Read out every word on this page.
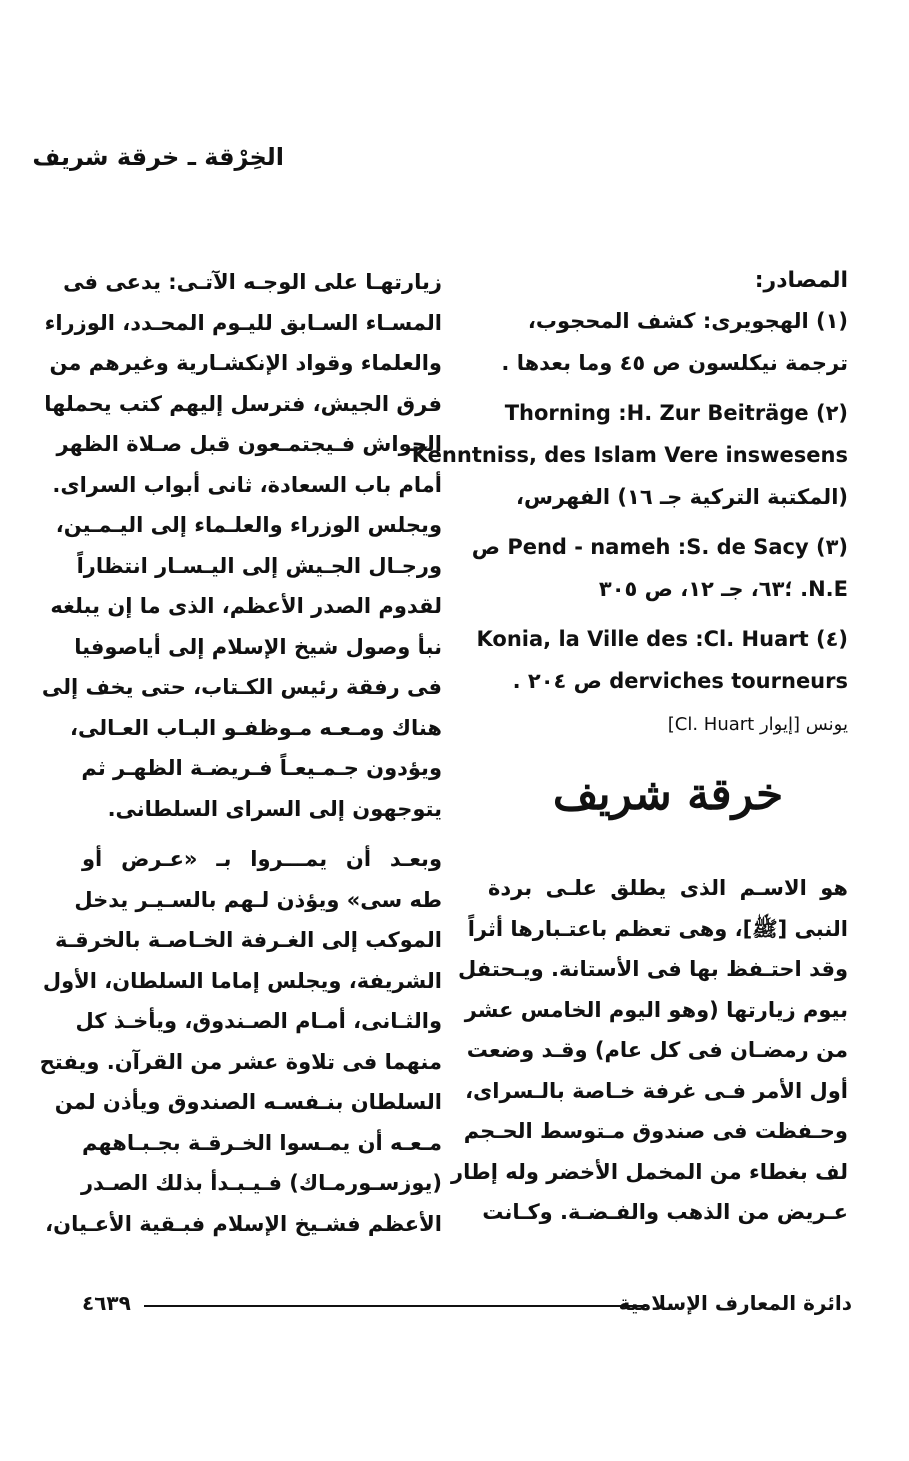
الخِرْقة ـ خرقة شريف
المصادر:
(١) الهجويرى: كشف المحجوب،
ترجمة نيكلسون ص ٤٥ وما بعدها .
(٢) Thorning :H. Zur Beiträge
Kenntniss, des Islam Vere inswesens
(المكتبة التركية جـ ١٦) الفهرس،
(٣) Pend - nameh :S. de Sacy ص
N.E. ؛٦٣، جـ ١٢، ص ٣٠٥
(٤) Konia, la Ville des :Cl. Huart
derviches tourneurs ص ٢٠٤ .
يونس [إيوار Cl. Huart]
خرقة شريف
هو الاسـم الذى يطلق علـى بردة
النبى [ﷺ]، وهى تعظم باعتـبارها أثراً
وقد احتـفظ بها فى الأستانة. ويـحتفل
بيوم زيارتها (وهو اليوم الخامس عشر
من رمضـان فى كل عام) وقـد وضعت
أول الأمر فـى غرفة خـاصة بالـسراى،
وحـفظت فى صندوق مـتوسط الحـجم
لف بغطاء من المخمل الأخضر وله إطار
عـريض من الذهب والفـضـة. وكـانت
زيارتهـا على الوجـه الآتـى: يدعى فى
المسـاء السـابق لليـوم المحـدد، الوزراء
والعلماء وقواد الإنكشـارية وغيرهم من
فرق الجيش، فترسل إليهم كتب يحملها
الجواش فـيجتمـعون قبل صـلاة الظهر
أمام باب السعادة، ثانى أبواب السراى.
ويجلس الوزراء والعلـماء إلى اليـمـين،
ورجـال الجـيش إلى اليـسـار انتظاراً
لقدوم الصدر الأعظم، الذى ما إن يبلغه
نبأ وصول شيخ الإسلام إلى أياصوفيا
فى رفقة رئيس الكـتاب، حتى يخف إلى
هناك ومـعـه مـوظفـو البـاب العـالى،
ويؤدون جـمـيعـاً فـريضـة الظهـر ثم
يتوجهون إلى السراى السلطانى.
وبعـد أن يمـــروا بـ «عـرض أو
طه سى» ويؤذن لـهم بالسـيـر يدخل
الموكب إلى الغـرفة الخـاصـة بالخرقـة
الشريفة، ويجلس إماما السلطان، الأول
والثـانى، أمـام الصـندوق، ويأخـذ كل
منهما فى تلاوة عشر من القرآن. ويفتح
السلطان بنـفسـه الصندوق ويأذن لمن
مـعـه أن يمـسوا الخـرقـة بجـبـاههم
(يوزسـورمـاك) فـيـبـدأ بذلك الصـدر
الأعظم فشـيخ الإسلام فبـقية الأعـيان،
دائرة المعارف الإسلامية
٤٦٣٩
